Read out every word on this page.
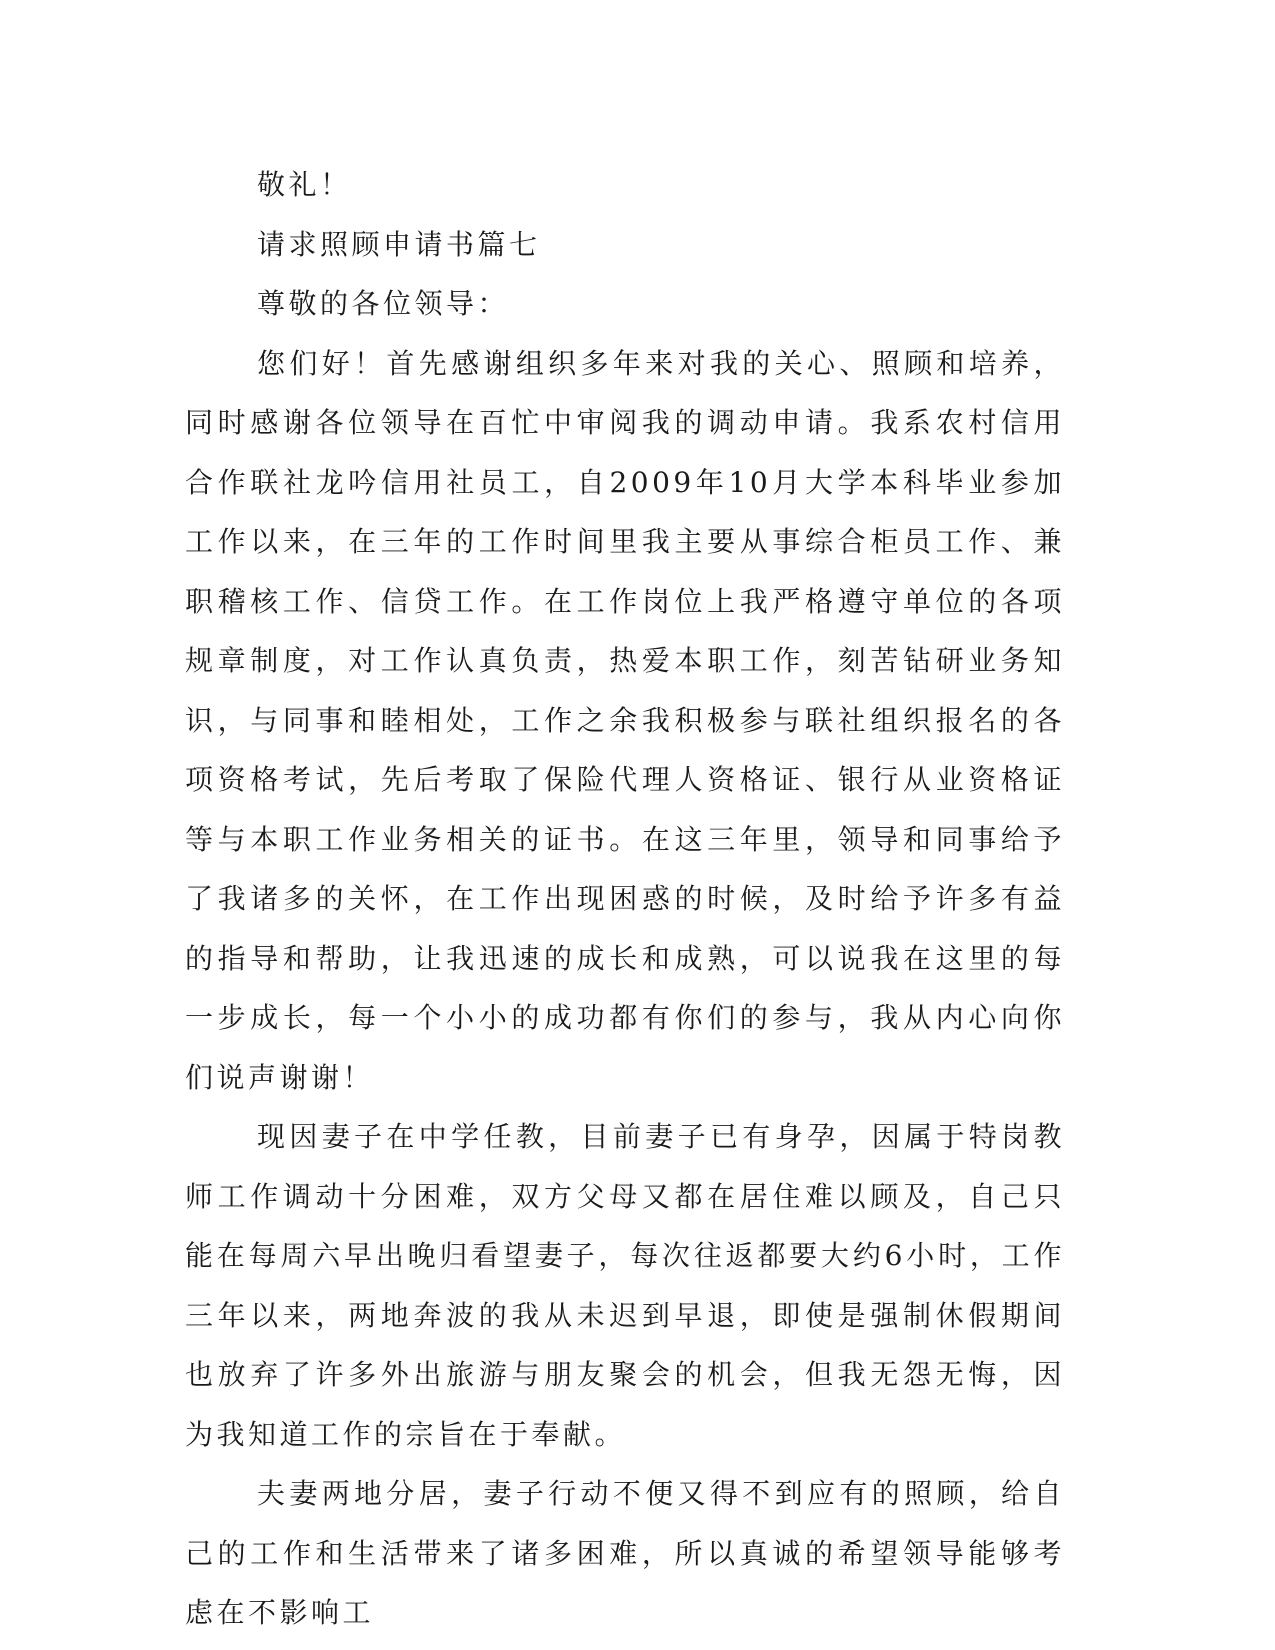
敬礼！

请求照顾申请书篇七

尊敬的各位领导：

您们好！首先感谢组织多年来对我的关心、照顾和培养，同时感谢各位领导在百忙中审阅我的调动申请。我系农村信用合作联社龙吟信用社员工，自2009年10月大学本科毕业参加工作以来，在三年的工作时间里我主要从事综合柜员工作、兼职稽核工作、信贷工作。在工作岗位上我严格遵守单位的各项规章制度，对工作认真负责，热爱本职工作，刻苦钻研业务知识，与同事和睦相处，工作之余我积极参与联社组织报名的各项资格考试，先后考取了保险代理人资格证、银行从业资格证等与本职工作业务相关的证书。在这三年里，领导和同事给予了我诸多的关怀，在工作出现困惑的时候，及时给予许多有益的指导和帮助，让我迅速的成长和成熟，可以说我在这里的每一步成长，每一个小小的成功都有你们的参与，我从内心向你们说声谢谢！

现因妻子在中学任教，目前妻子已有身孕，因属于特岗教师工作调动十分困难，双方父母又都在居住难以顾及，自己只能在每周六早出晚归看望妻子，每次往返都要大约6小时，工作三年以来，两地奔波的我从未迟到早退，即使是强制休假期间也放弃了许多外出旅游与朋友聚会的机会，但我无怨无悔，因为我知道工作的宗旨在于奉献。

夫妻两地分居，妻子行动不便又得不到应有的照顾，给自己的工作和生活带来了诸多困难，所以真诚的希望领导能够考虑在不影响工
